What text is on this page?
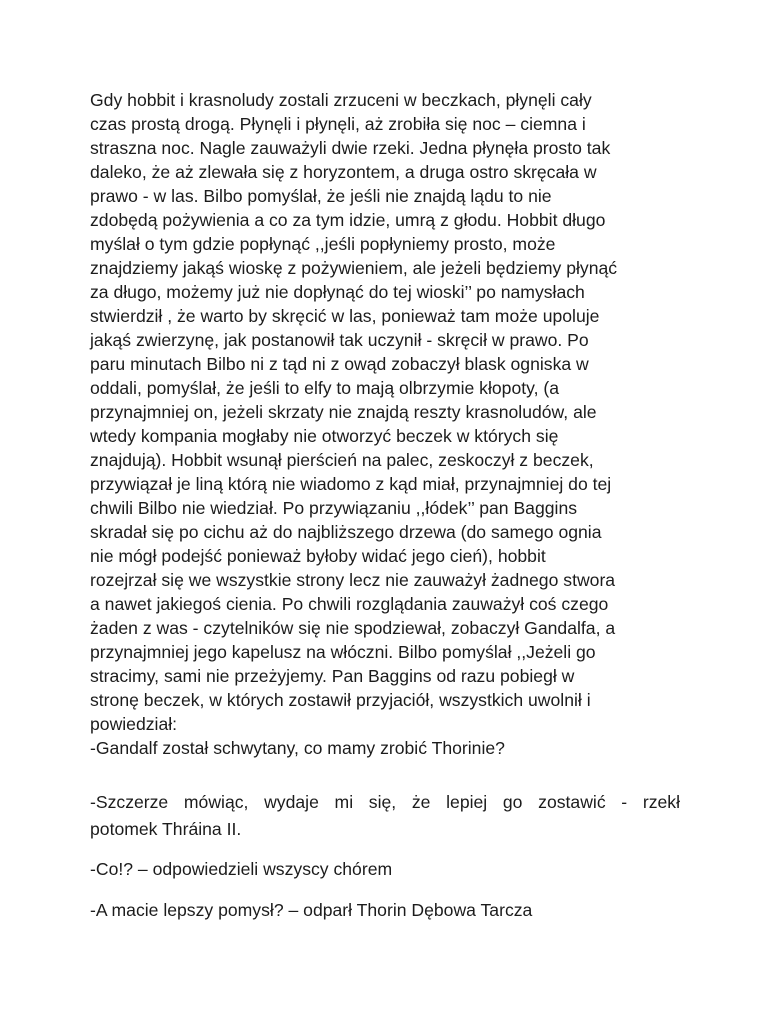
Gdy hobbit i krasnoludy zostali zrzuceni w beczkach, płynęli cały
czas prostą drogą. Płynęli i płynęli, aż zrobiła się noc – ciemna i
straszna noc. Nagle zauważyli dwie rzeki. Jedna płynęła prosto tak
daleko, że aż zlewała się z horyzontem, a druga ostro skręcała w
prawo - w las. Bilbo pomyślał, że jeśli nie znajdą lądu to nie
zdobędą pożywienia a co za tym idzie, umrą z głodu. Hobbit długo
myślał o tym gdzie popłynąć ,,jeśli popłyniemy prosto, może
znajdziemy jakąś wioskę z pożywieniem, ale jeżeli będziemy płynąć
za długo, możemy już nie dopłynąć do tej wioski’’ po namysłach
stwierdził , że warto by skręcić w las, ponieważ tam może upoluje
jakąś zwierzynę, jak postanowił tak uczynił - skręcił w prawo. Po
paru minutach Bilbo ni z tąd ni z owąd zobaczył blask ogniska w
oddali, pomyślał, że jeśli to elfy to mają olbrzymie kłopoty, (a
przynajmniej on, jeżeli skrzaty nie znajdą reszty krasnoludów, ale
wtedy kompania mogłaby nie otworzyć beczek w których się
znajdują). Hobbit wsunął pierścień na palec, zeskoczył z beczek,
przywiązał je liną którą nie wiadomo z kąd miał, przynajmniej do tej
chwili Bilbo nie wiedział. Po przywiązaniu ,,łódek’’ pan Baggins
skradał się po cichu aż do najbliższego drzewa (do samego ognia
nie mógł podejść ponieważ byłoby widać jego cień), hobbit
rozejrzał się we wszystkie strony lecz nie zauważył żadnego stwora
a nawet jakiegoś cienia. Po chwili rozglądania zauważył coś czego
żaden z was - czytelników się nie spodziewał, zobaczył Gandalfa, a
przynajmniej jego kapelusz na włóczni. Bilbo pomyślał ,,Jeżeli go
stracimy, sami nie przeżyjemy. Pan Baggins od razu pobiegł w
stronę beczek, w których zostawił przyjaciół, wszystkich uwolnił i
powiedział:
-Gandalf został schwytany, co mamy zrobić Thorinie?
-Szczerze mówiąc, wydaje mi się, że lepiej go zostawić - rzekł
potomek Thráina II.
-Co!? – odpowiedzieli wszyscy chórem
-A macie lepszy pomysł? – odparł Thorin Dębowa Tarcza
